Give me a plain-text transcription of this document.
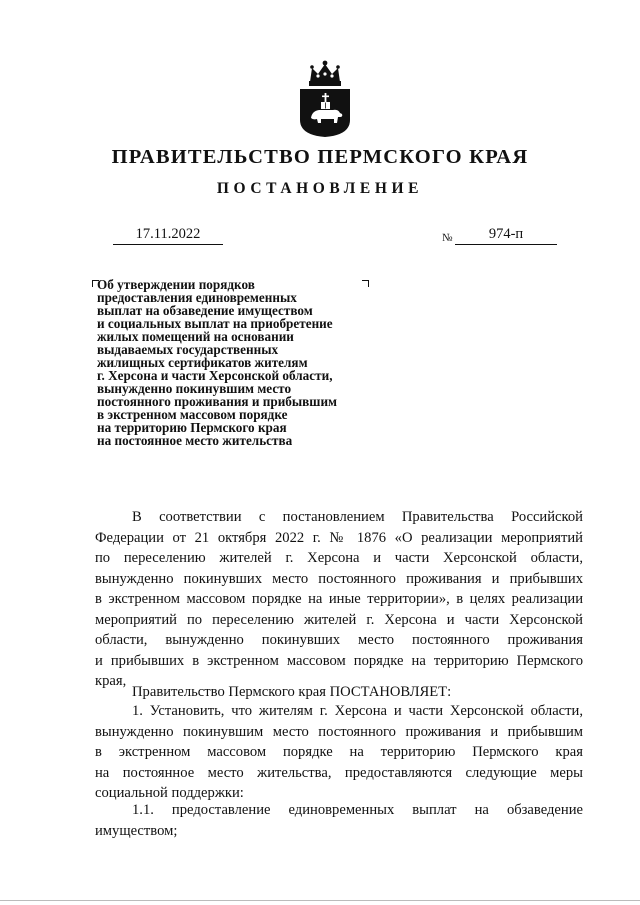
ПРАВИТЕЛЬСТВО ПЕРМСКОГО КРАЯ
ПОСТАНОВЛЕНИЕ
17.11.2022	№	974-п
Об утверждении порядков
предоставления единовременных
выплат на обзаведение имуществом
и социальных выплат на приобретение
жилых помещений на основании
выдаваемых государственных
жилищных сертификатов жителям
г. Херсона и части Херсонской области,
вынужденно покинувшим место
постоянного проживания и прибывшим
в экстренном массовом порядке
на территорию Пермского края
на постоянное место жительства
В соответствии с постановлением Правительства Российской
Федерации от 21 октября 2022 г. № 1876 «О реализации мероприятий
по переселению жителей г. Херсона и части Херсонской области,
вынужденно покинувших место постоянного проживания и прибывших
в экстренном массовом порядке на иные территории», в целях реализации
мероприятий по переселению жителей г. Херсона и части Херсонской
области, вынужденно покинувших место постоянного проживания
и прибывших в экстренном массовом порядке на территорию Пермского
края,
Правительство Пермского края ПОСТАНОВЛЯЕТ:
1. Установить, что жителям г. Херсона и части Херсонской области,
вынужденно покинувшим место постоянного проживания и прибывшим
в экстренном массовом порядке на территорию Пермского края
на постоянное место жительства, предоставляются следующие меры
социальной поддержки:
1.1. предоставление единовременных выплат на обзаведение
имуществом;
